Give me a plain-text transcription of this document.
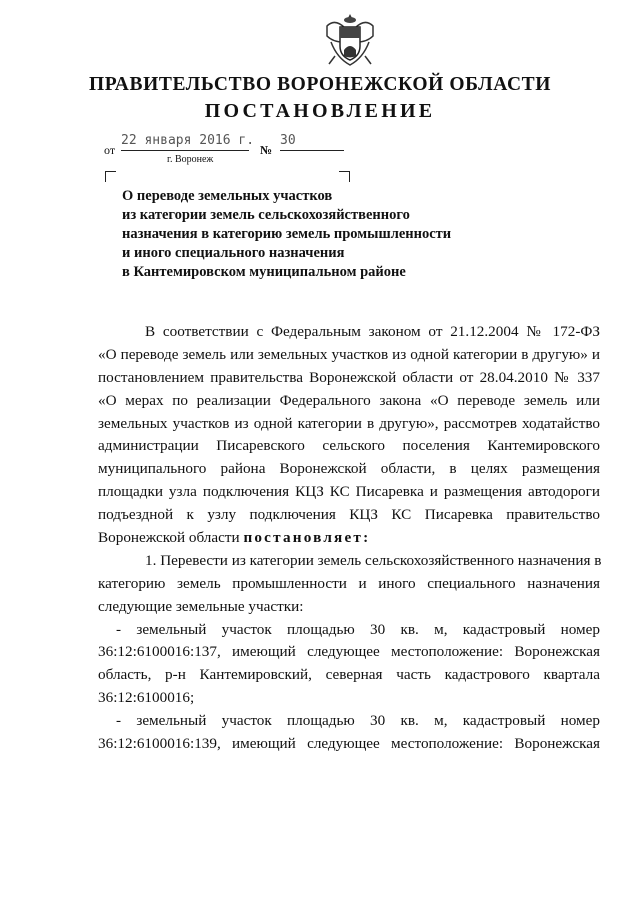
ПРАВИТЕЛЬСТВО ВОРОНЕЖСКОЙ ОБЛАСТИ
ПОСТАНОВЛЕНИЕ
от
22 января 2016 г.
№
30
г. Воронеж
О переводе земельных участков
из категории земель сельскохозяйственного
назначения в категорию земель промышленности
и иного специального назначения
в Кантемировском муниципальном районе
В соответствии с Федеральным законом от 21.12.2004 № 172-ФЗ
«О переводе земель или земельных участков из одной категории в другую» и
постановлением правительства Воронежской области от 28.04.2010 № 337
«О мерах по реализации Федерального закона «О переводе земель или
земельных участков из одной категории в другую», рассмотрев ходатайство
администрации Писаревского сельского поселения Кантемировского
муниципального района Воронежской области, в целях размещения
площадки узла подключения КЦЗ КС Писаревка и размещения автодороги
подъездной к узлу подключения КЦЗ КС Писаревка правительство
Воронежской области постановляет:
1. Перевести из категории земель сельскохозяйственного назначения в
категорию земель промышленности и иного специального назначения
следующие земельные участки:
- земельный участок площадью 30 кв. м, кадастровый номер
36:12:6100016:137, имеющий следующее местоположение: Воронежская
область, р-н Кантемировский, северная часть кадастрового квартала
36:12:6100016;
- земельный участок площадью 30 кв. м, кадастровый номер
36:12:6100016:139, имеющий следующее местоположение: Воронежская
